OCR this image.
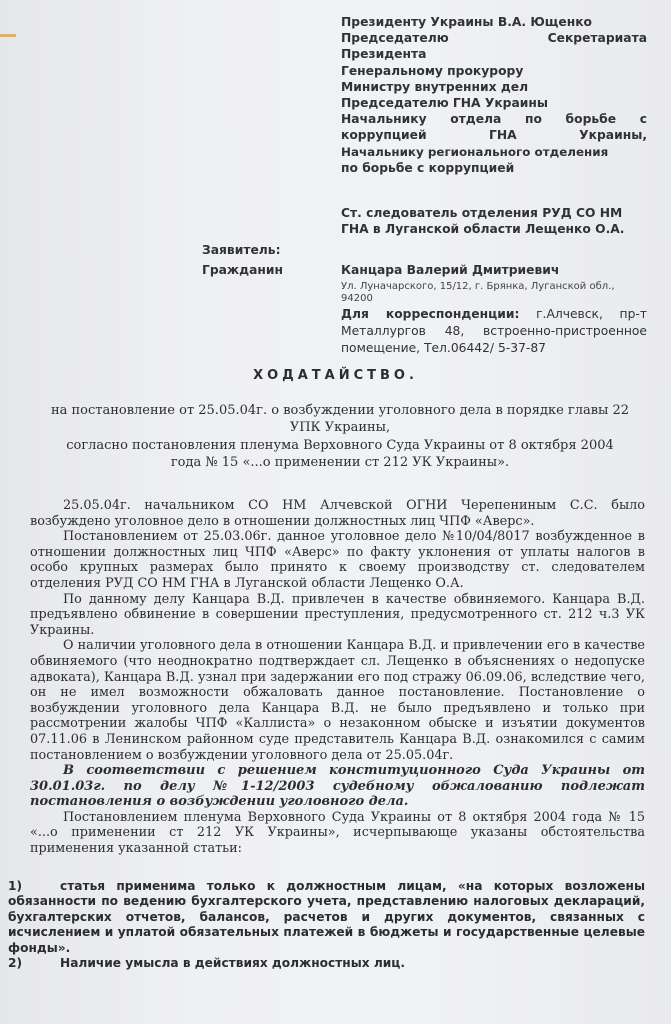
Президенту Украины В.А. Ющенко
Председателю	Секретариата
Президента
Генеральному прокурору
Министру внутренних дел
Председателю ГНА Украины
Начальнику отдела по борьбе с
коррупцией ГНА Украины,
Начальнику регионального отделения
по борьбе с коррупцией
Ст. следователь отделения РУД СО НМ
ГНА в Луганской области Лещенко О.А.
Заявитель:
Гражданин	Канцара Валерий Дмитриевич
Ул. Луначарского, 15/12, г. Брянка, Луганской обл.,
94200
Для корреспонденции: г.Алчевск, пр-т
Металлургов 48, встроенно-пристроенное
помещение, Тел.06442/ 5-37-87
ХОДАТАЙСТВО.
на постановление от 25.05.04г. о возбуждении уголовного дела в порядке главы 22
УПК Украины,
согласно постановления пленума Верховного Суда Украины от 8 октября 2004
года № 15 «...о применении ст 212 УК Украины».

25.05.04г. начальником СО НМ Алчевской ОГНИ Черепениным С.С. было возбуждено уголовное дело в отношении должностных лиц ЧПФ «Аверс».

Постановлением от 25.03.06г. данное уголовное дело №10/04/8017 возбужденное в отношении должностных лиц ЧПФ «Аверс» по факту уклонения от уплаты налогов в особо крупных размерах было принято к своему производству ст. следователем отделения РУД СО НМ ГНА в Луганской области Лещенко О.А.

По данному делу Канцара В.Д. привлечен в качестве обвиняемого. Канцара В.Д. предъявлено обвинение в совершении преступления, предусмотренного ст. 212 ч.3 УК Украины.

О наличии уголовного дела в отношении Канцара В.Д. и привлечении его в качестве обвиняемого (что неоднократно подтверждает сл. Лещенко в объяснениях о недопуске адвоката), Канцара В.Д. узнал при задержании его под стражу 06.09.06, вследствие чего, он не имел возможности обжаловать данное постановление. Постановление о возбуждении уголовного дела Канцара В.Д. не было предъявлено и только при рассмотрении жалобы ЧПФ «Каллиста» о незаконном обыске и изъятии документов 07.11.06 в Ленинском районном суде представитель Канцара В.Д. ознакомился с самим постановлением о возбуждении уголовного дела от 25.05.04г.

В соответствии с решением конституционного Суда Украины от 30.01.03г. по делу №1-12/2003 судебному обжалованию подлежат постановления о возбуждении уголовного дела.

Постановлением пленума Верховного Суда Украины от 8 октября 2004 года № 15 «...о применении ст 212 УК Украины», исчерпывающе указаны обстоятельства применения указанной статьи:

1)	статья применима только к должностным лицам, «на которых возложены обязанности по ведению бухгалтерского учета, представлению налоговых деклараций, бухгалтерских отчетов, балансов, расчетов и других документов, связанных с исчислением и уплатой обязательных платежей в бюджеты и государственные целевые фонды».

2)	Наличие умысла в действиях должностных лиц.
